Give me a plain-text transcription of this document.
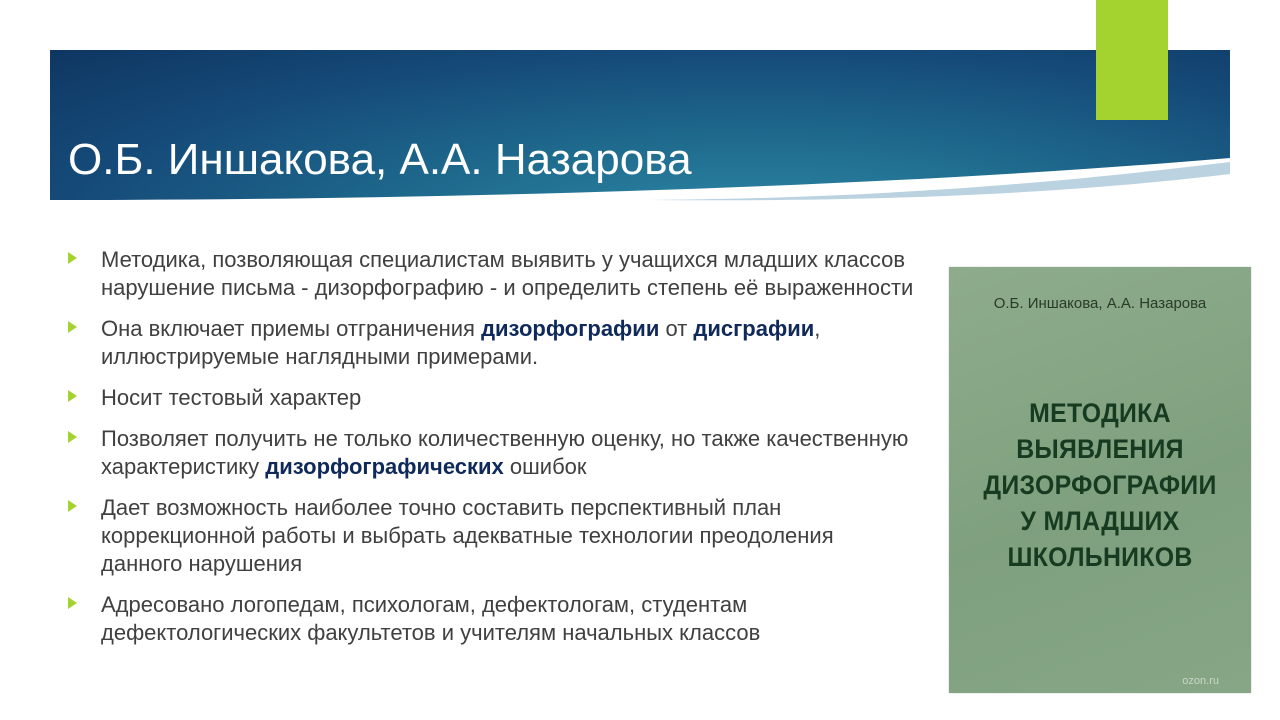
О.Б. Иншакова, А.А. Назарова
Методика, позволяющая специалистам выявить у учащихся младших классов нарушение письма - дизорфографию - и определить степень её выраженности
Она включает приемы отграничения дизорфографии от дисграфии, иллюстрируемые наглядными примерами.
Носит тестовый характер
Позволяет получить не только количественную оценку, но также качественную характеристику дизорфографических ошибок
Дает возможность наиболее точно составить перспективный план коррекционной работы и выбрать адекватные технологии преодоления данного нарушения
Адресовано логопедам, психологам, дефектологам, студентам дефектологических факультетов и учителям начальных классов
О.Б. Иншакова, А.А. Назарова
МЕТОДИКА
ВЫЯВЛЕНИЯ
ДИЗОРФОГРАФИИ
У МЛАДШИХ
ШКОЛЬНИКОВ
ozon.ru
